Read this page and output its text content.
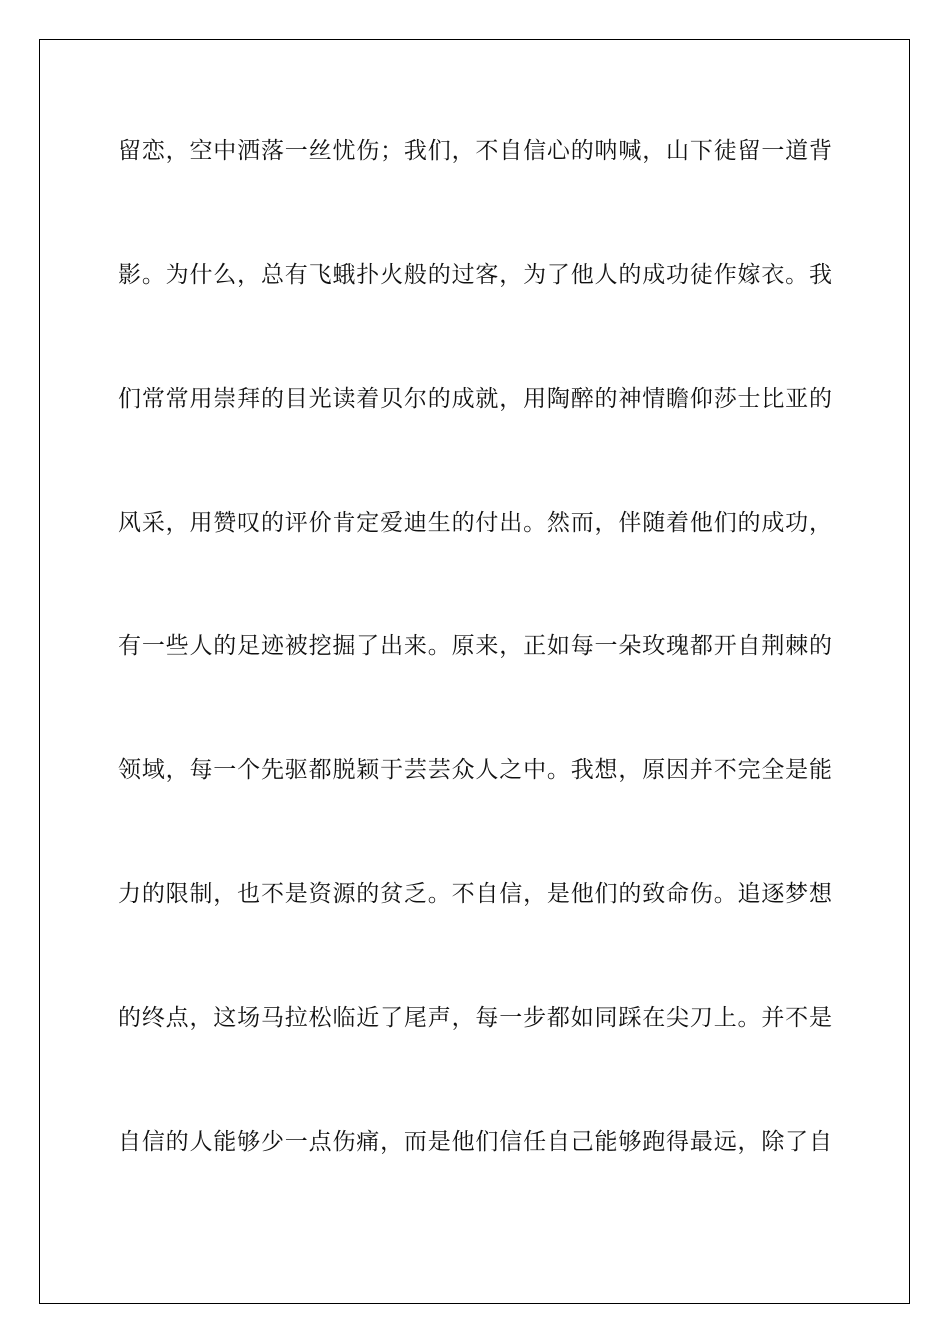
留恋，空中洒落一丝忧伤；我们，不自信心的呐喊，山下徒留一道背
影。为什么，总有飞蛾扑火般的过客，为了他人的成功徒作嫁衣。我
们常常用崇拜的目光读着贝尔的成就，用陶醉的神情瞻仰莎士比亚的
风采，用赞叹的评价肯定爱迪生的付出。然而，伴随着他们的成功，
有一些人的足迹被挖掘了出来。原来，正如每一朵玫瑰都开自荆棘的
领域，每一个先驱都脱颖于芸芸众人之中。我想，原因并不完全是能
力的限制，也不是资源的贫乏。不自信，是他们的致命伤。追逐梦想
的终点，这场马拉松临近了尾声，每一步都如同踩在尖刀上。并不是
自信的人能够少一点伤痛，而是他们信任自己能够跑得最远，除了自
